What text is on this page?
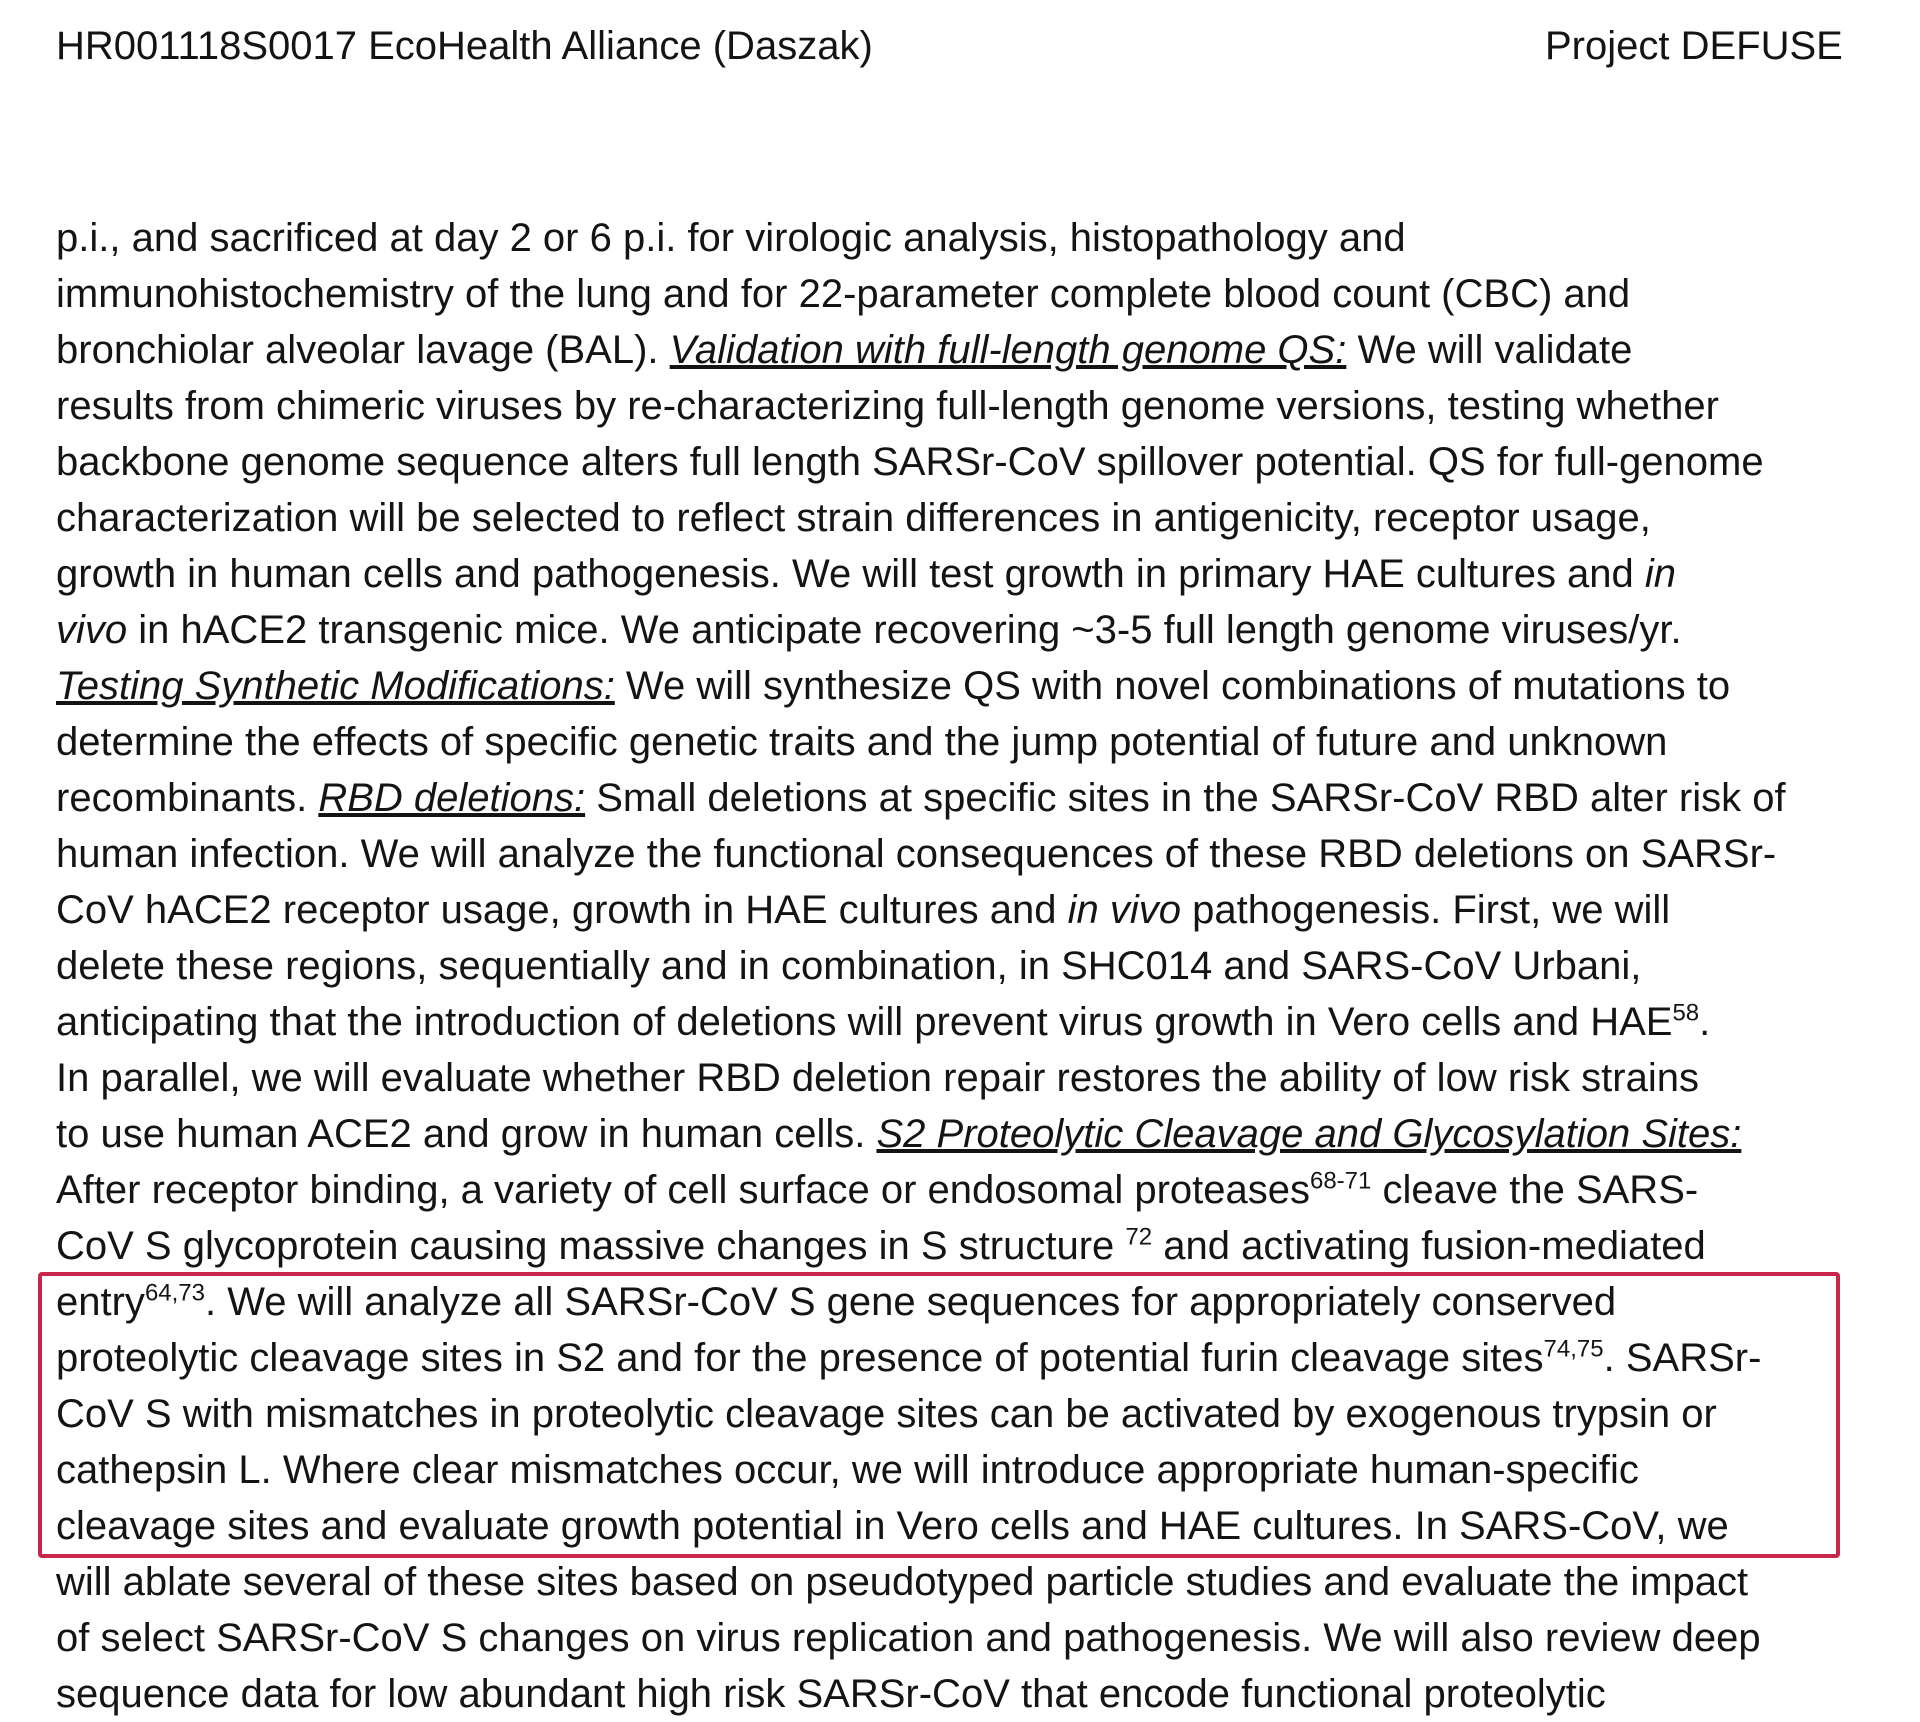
HR001118S0017 EcoHealth Alliance (Daszak)	Project DEFUSE
p.i., and sacrificed at day 2 or 6 p.i. for virologic analysis, histopathology and
immunohistochemistry of the lung and for 22-parameter complete blood count (CBC) and
bronchiolar alveolar lavage (BAL). Validation with full-length genome QS: We will validate
results from chimeric viruses by re-characterizing full-length genome versions, testing whether
backbone genome sequence alters full length SARSr-CoV spillover potential. QS for full-genome
characterization will be selected to reflect strain differences in antigenicity, receptor usage,
growth in human cells and pathogenesis. We will test growth in primary HAE cultures and in
vivo in hACE2 transgenic mice. We anticipate recovering ~3-5 full length genome viruses/yr.
Testing Synthetic Modifications: We will synthesize QS with novel combinations of mutations to
determine the effects of specific genetic traits and the jump potential of future and unknown
recombinants. RBD deletions: Small deletions at specific sites in the SARSr-CoV RBD alter risk of
human infection. We will analyze the functional consequences of these RBD deletions on SARSr-
CoV hACE2 receptor usage, growth in HAE cultures and in vivo pathogenesis. First, we will
delete these regions, sequentially and in combination, in SHC014 and SARS-CoV Urbani,
anticipating that the introduction of deletions will prevent virus growth in Vero cells and HAE$^{58}$.
In parallel, we will evaluate whether RBD deletion repair restores the ability of low risk strains
to use human ACE2 and grow in human cells. S2 Proteolytic Cleavage and Glycosylation Sites:
After receptor binding, a variety of cell surface or endosomal proteases$^{68-71}$ cleave the SARS-
CoV S glycoprotein causing massive changes in S structure $^{72}$ and activating fusion-mediated
entry$^{64,73}$. We will analyze all SARSr-CoV S gene sequences for appropriately conserved
proteolytic cleavage sites in S2 and for the presence of potential furin cleavage sites$^{74,75}$. SARSr-
CoV S with mismatches in proteolytic cleavage sites can be activated by exogenous trypsin or
cathepsin L. Where clear mismatches occur, we will introduce appropriate human-specific
cleavage sites and evaluate growth potential in Vero cells and HAE cultures. In SARS-CoV, we
will ablate several of these sites based on pseudotyped particle studies and evaluate the impact
of select SARSr-CoV S changes on virus replication and pathogenesis. We will also review deep
sequence data for low abundant high risk SARSr-CoV that encode functional proteolytic
